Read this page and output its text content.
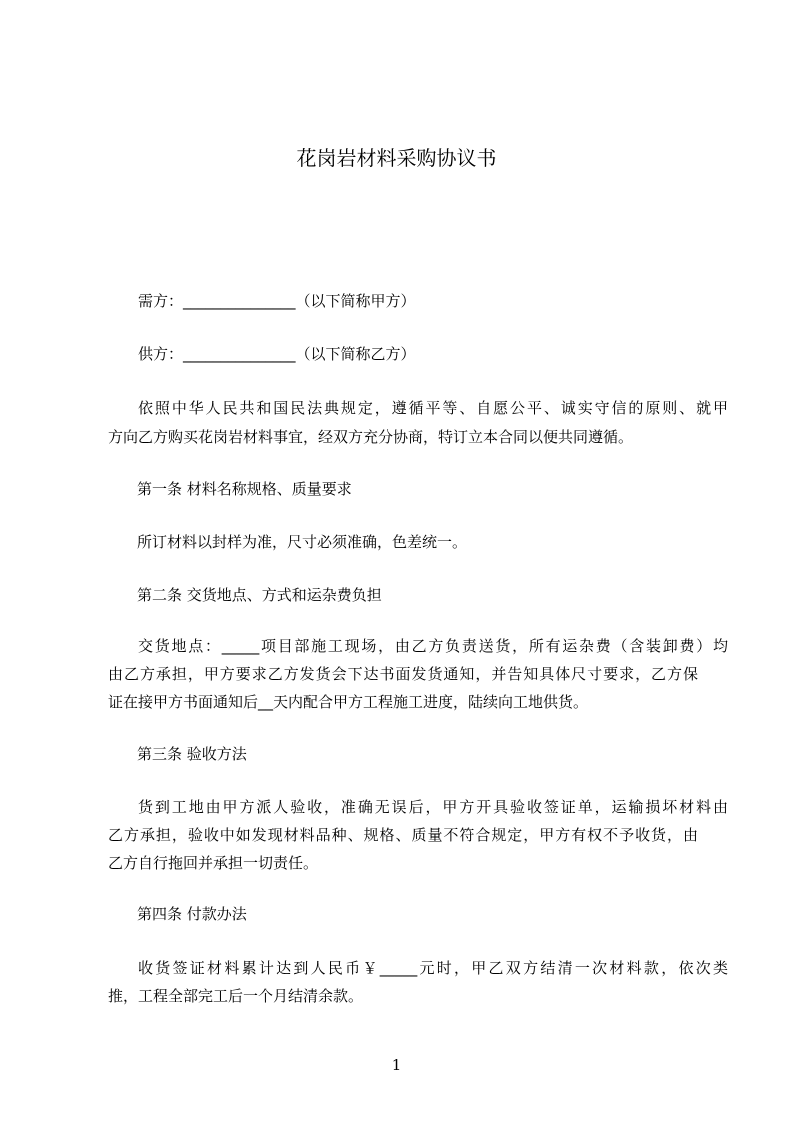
花岗岩材料采购协议书

需方：_______________（以下简称甲方）

供方：_______________（以下简称乙方）

依照中华人民共和国民法典规定，遵循平等、自愿公平、诚实守信的原则、就甲

方向乙方购买花岗岩材料事宜，经双方充分协商，特订立本合同以便共同遵循。

第一条 材料名称规格、质量要求

所订材料以封样为准，尺寸必须准确，色差统一。

第二条 交货地点、方式和运杂费负担

交货地点：_____项目部施工现场，由乙方负责送货，所有运杂费（含装卸费）均

由乙方承担，甲方要求乙方发货会下达书面发货通知，并告知具体尺寸要求，乙方保

证在接甲方书面通知后__天内配合甲方工程施工进度，陆续向工地供货。

第三条 验收方法

货到工地由甲方派人验收，准确无误后，甲方开具验收签证单，运输损坏材料由

乙方承担，验收中如发现材料品种、规格、质量不符合规定，甲方有权不予收货，由

乙方自行拖回并承担一切责任。

第四条 付款办法

收货签证材料累计达到人民币￥_____元时，甲乙双方结清一次材料款，依次类

推，工程全部完工后一个月结清余款。

1
